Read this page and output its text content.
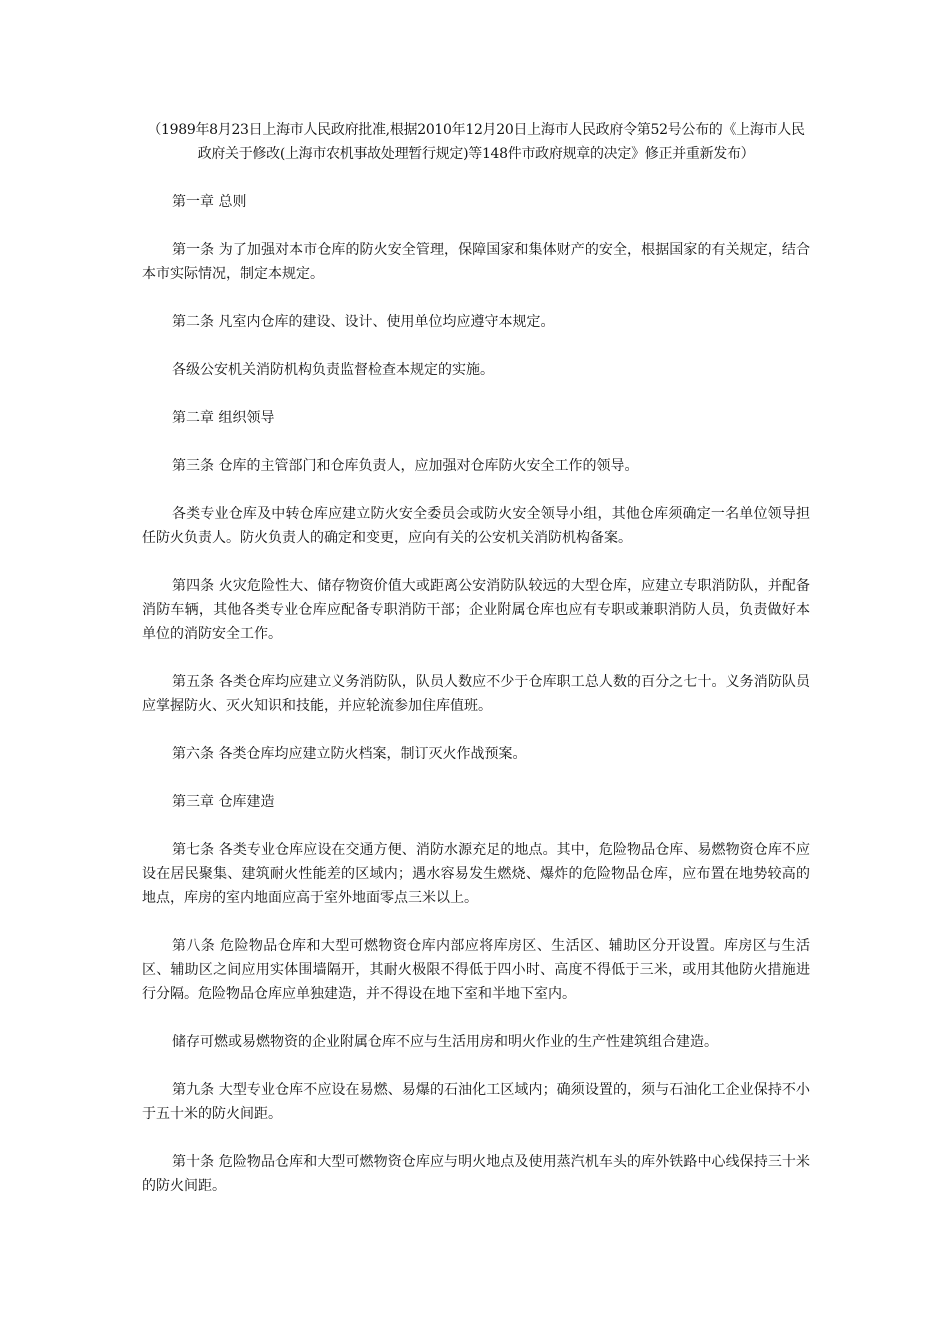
（1989年8月23日上海市人民政府批准,根据2010年12月20日上海市人民政府令第52号公布的《上海市人民政府关于修改(上海市农机事故处理暂行规定)等148件市政府规章的决定》修正并重新发布）

第一章 总则

第一条 为了加强对本市仓库的防火安全管理，保障国家和集体财产的安全，根据国家的有关规定，结合本市实际情况，制定本规定。

第二条 凡室内仓库的建设、设计、使用单位均应遵守本规定。

各级公安机关消防机构负责监督检查本规定的实施。

第二章 组织领导

第三条 仓库的主管部门和仓库负责人，应加强对仓库防火安全工作的领导。

各类专业仓库及中转仓库应建立防火安全委员会或防火安全领导小组，其他仓库须确定一名单位领导担任防火负责人。防火负责人的确定和变更，应向有关的公安机关消防机构备案。

第四条 火灾危险性大、储存物资价值大或距离公安消防队较远的大型仓库，应建立专职消防队，并配备消防车辆，其他各类专业仓库应配备专职消防干部；企业附属仓库也应有专职或兼职消防人员，负责做好本单位的消防安全工作。

第五条 各类仓库均应建立义务消防队，队员人数应不少于仓库职工总人数的百分之七十。义务消防队员应掌握防火、灭火知识和技能，并应轮流参加住库值班。

第六条 各类仓库均应建立防火档案，制订灭火作战预案。

第三章 仓库建造

第七条 各类专业仓库应设在交通方便、消防水源充足的地点。其中，危险物品仓库、易燃物资仓库不应设在居民聚集、建筑耐火性能差的区域内；遇水容易发生燃烧、爆炸的危险物品仓库，应布置在地势较高的地点，库房的室内地面应高于室外地面零点三米以上。

第八条 危险物品仓库和大型可燃物资仓库内部应将库房区、生活区、辅助区分开设置。库房区与生活区、辅助区之间应用实体围墙隔开，其耐火极限不得低于四小时、高度不得低于三米，或用其他防火措施进行分隔。危险物品仓库应单独建造，并不得设在地下室和半地下室内。

储存可燃或易燃物资的企业附属仓库不应与生活用房和明火作业的生产性建筑组合建造。

第九条 大型专业仓库不应设在易燃、易爆的石油化工区域内；确须设置的，须与石油化工企业保持不小于五十米的防火间距。

第十条 危险物品仓库和大型可燃物资仓库应与明火地点及使用蒸汽机车头的库外铁路中心线保持三十米的防火间距。
